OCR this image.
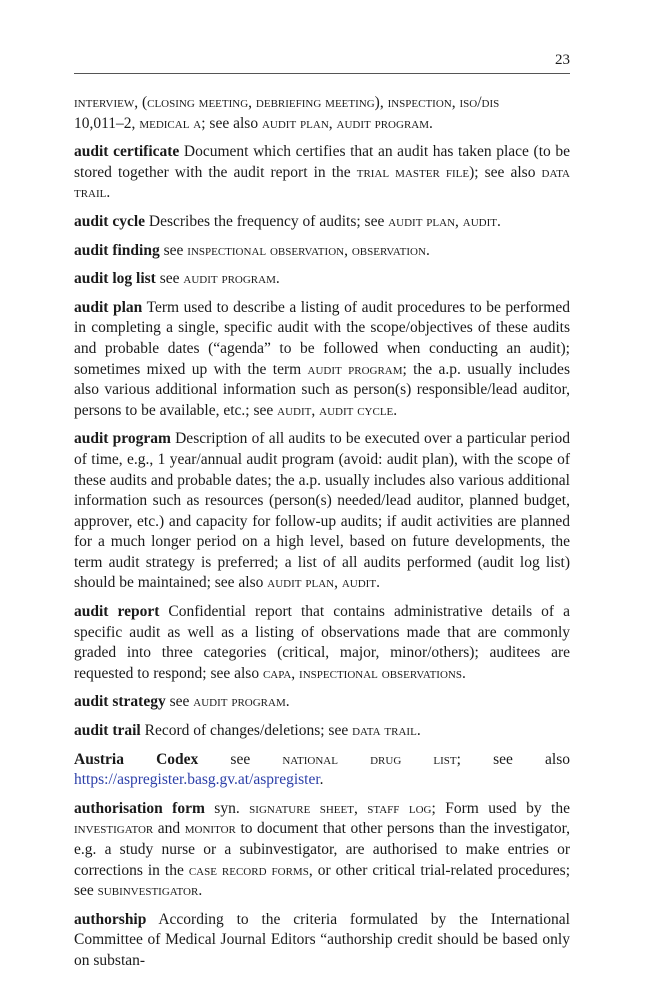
23

interview, (closing meeting, debriefing meeting), inspection, iso/dis
10,011–2, medical a; see also audit plan, audit program.

audit certificate Document which certifies that an audit has taken place (to be stored together with the audit report in the trial master file); see also data trail.

audit cycle Describes the frequency of audits; see audit plan, audit.

audit finding see inspectional observation, observation.

audit log list see audit program.

audit plan Term used to describe a listing of audit procedures to be performed in completing a single, specific audit with the scope/objectives of these audits and probable dates (“agenda” to be followed when conducting an audit); sometimes mixed up with the term audit program; the a.p. usually includes also various additional information such as person(s) responsible/lead auditor, persons to be available, etc.; see audit, audit cycle.

audit program Description of all audits to be executed over a particular period of time, e.g., 1 year/annual audit program (avoid: audit plan), with the scope of these audits and probable dates; the a.p. usually includes also various additional information such as resources (person(s) needed/lead auditor, planned budget, approver, etc.) and capacity for follow-up audits; if audit activities are planned for a much longer period on a high level, based on future developments, the term audit strategy is preferred; a list of all audits performed (audit log list) should be maintained; see also audit plan, audit.

audit report Confidential report that contains administrative details of a specific audit as well as a listing of observations made that are commonly graded into three categories (critical, major, minor/others); auditees are requested to respond; see also capa, inspectional observations.

audit strategy see audit program.

audit trail Record of changes/deletions; see data trail.

Austria Codex see national drug list; see also https://aspregister.basg.gv.at/aspregister.

authorisation form syn. signature sheet, staff log; Form used by the investigator and monitor to document that other persons than the investigator, e.g. a study nurse or a subinvestigator, are authorised to make entries or corrections in the case record forms, or other critical trial-related procedures; see subinvestigator.

authorship According to the criteria formulated by the International Committee of Medical Journal Editors “authorship credit should be based only on substan-
